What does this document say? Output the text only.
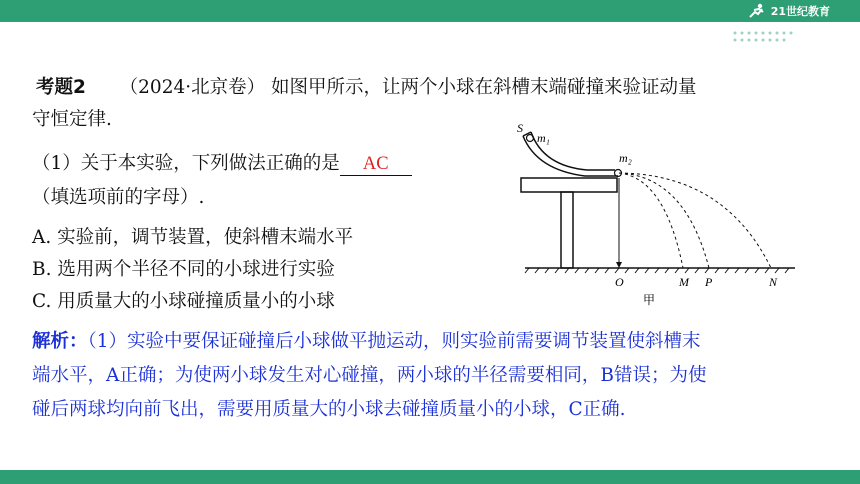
21世纪教育
考题2 （2024·北京卷） 如图甲所示，让两个小球在斜槽末端碰撞来验证动量
守恒定律.
（1）关于本实验，下列做法正确的是 AC
（填选项前的字母）.
A. 实验前，调节装置，使斜槽末端水平
B. 选用两个半径不同的小球进行实验
C. 用质量大的小球碰撞质量小的小球
解析：（1）实验中要保证碰撞后小球做平抛运动，则实验前需要调节装置使斜槽末
端水平，A正确；为使两小球发生对心碰撞，两小球的半径需要相同，B错误；为使
碰后两球均向前飞出，需要用质量大的小球去碰撞质量小的小球，C正确.
S
m₁
m₂
O	M P	N
甲
